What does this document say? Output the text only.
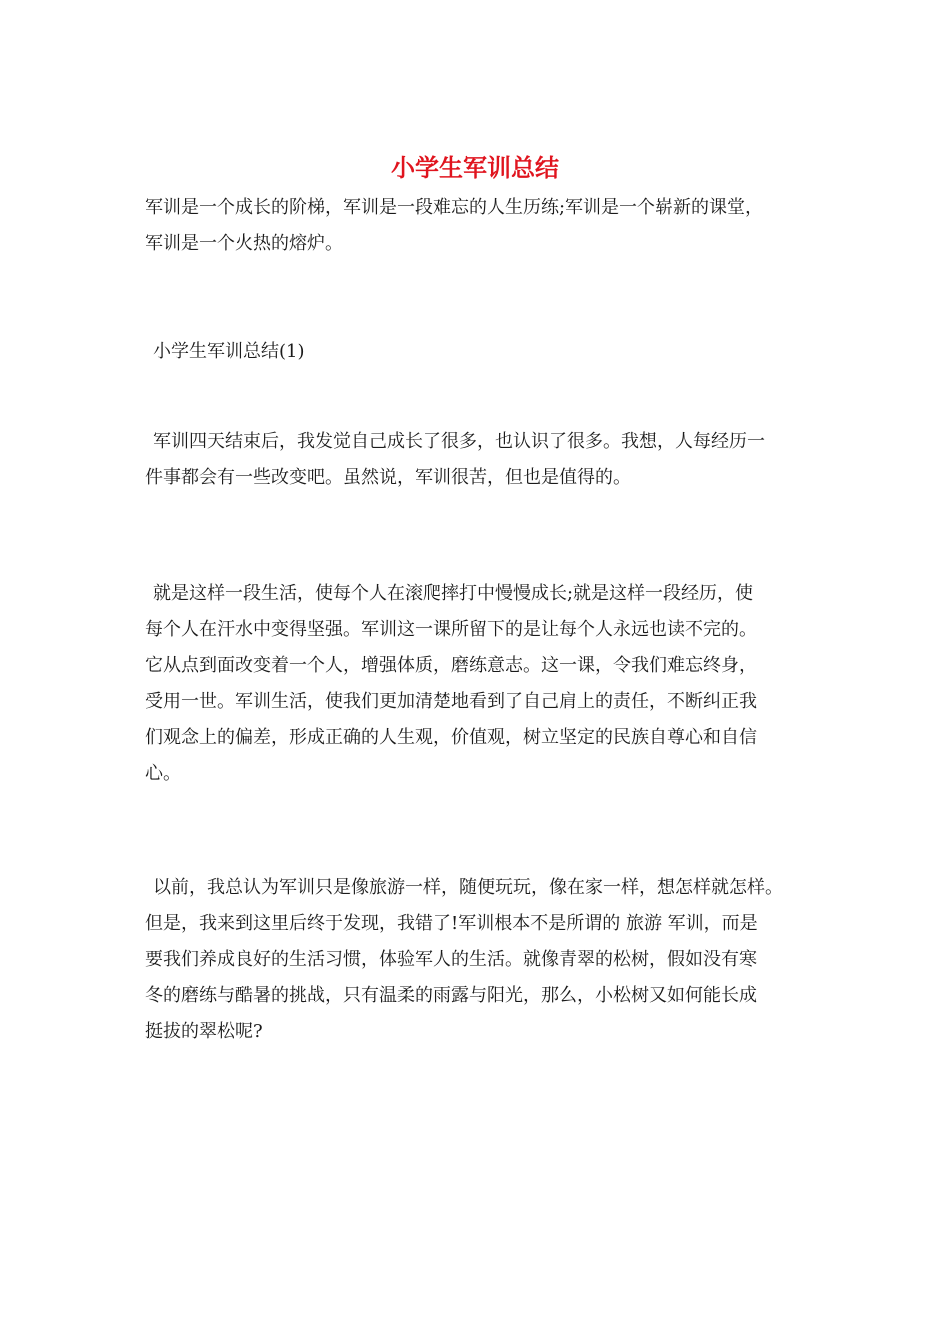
小学生军训总结
军训是一个成长的阶梯，军训是一段难忘的人生历练;军训是一个崭新的课堂，
军训是一个火热的熔炉。
小学生军训总结(1)
军训四天结束后，我发觉自己成长了很多，也认识了很多。我想，人每经历一
件事都会有一些改变吧。虽然说，军训很苦，但也是值得的。
就是这样一段生活，使每个人在滚爬摔打中慢慢成长;就是这样一段经历，使
每个人在汗水中变得坚强。军训这一课所留下的是让每个人永远也读不完的。
它从点到面改变着一个人，增强体质，磨练意志。这一课，令我们难忘终身，
受用一世。军训生活，使我们更加清楚地看到了自己肩上的责任，不断纠正我
们观念上的偏差，形成正确的人生观，价值观，树立坚定的民族自尊心和自信
心。
以前，我总认为军训只是像旅游一样，随便玩玩，像在家一样，想怎样就怎样。
但是，我来到这里后终于发现，我错了!军训根本不是所谓的 旅游 军训，而是
要我们养成良好的生活习惯，体验军人的生活。就像青翠的松树，假如没有寒
冬的磨练与酷暑的挑战，只有温柔的雨露与阳光，那么，小松树又如何能长成
挺拔的翠松呢?
